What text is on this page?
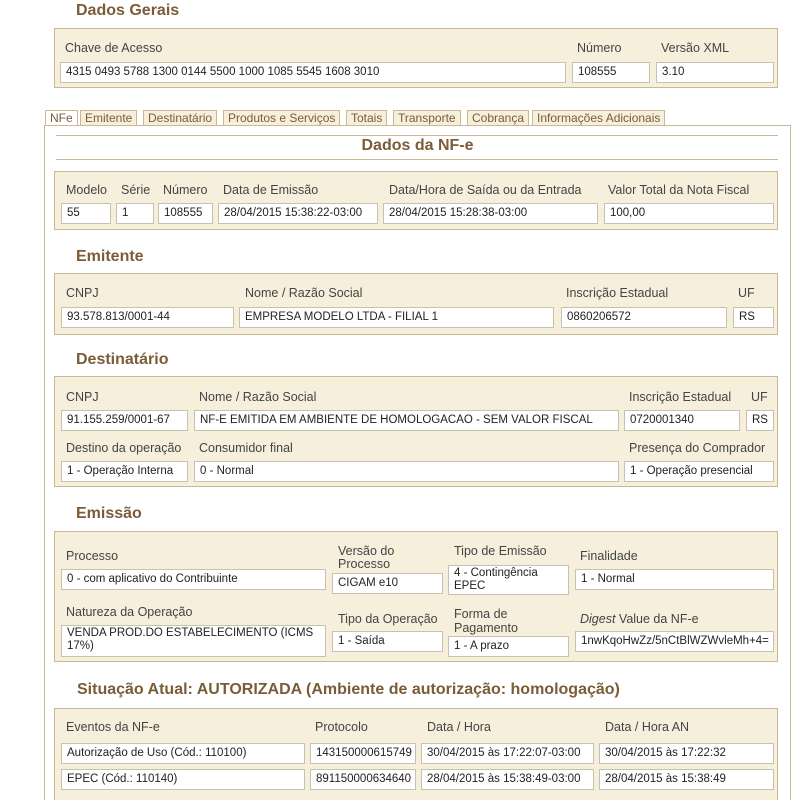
Dados Gerais
Chave de Acesso
4315 0493 5788 1300 0144 5500 1000 1085 5545 1608 3010
Número
108555
Versão XML
3.10
NFe	Emitente	Destinatário	Produtos e Serviços	Totais	Transporte	Cobrança	Informações Adicionais
Dados da NF-e
Modelo
55
Série
1
Número
108555
Data de Emissão
28/04/2015 15:38:22-03:00
Data/Hora de Saída ou da Entrada
28/04/2015 15:28:38-03:00
Valor Total da Nota Fiscal
100,00
Emitente
CNPJ
93.578.813/0001-44
Nome / Razão Social
EMPRESA MODELO LTDA - FILIAL 1
Inscrição Estadual
0860206572
UF
RS
Destinatário
CNPJ
91.155.259/0001-67
Nome / Razão Social
NF-E EMITIDA EM AMBIENTE DE HOMOLOGACAO - SEM VALOR FISCAL
Inscrição Estadual
0720001340
UF
RS
Destino da operação
1 - Operação Interna
Consumidor final
0 - Normal
Presença do Comprador
1 - Operação presencial
Emissão
Processo
0 - com aplicativo do Contribuinte
Versão do Processo
CIGAM e10
Tipo de Emissão
4 - Contingência EPEC
Finalidade
1 - Normal
Natureza da Operação
VENDA PROD.DO ESTABELECIMENTO (ICMS 17%)
Tipo da Operação
1 - Saída
Forma de Pagamento
1 - A prazo
Digest Value da NF-e
1nwKqoHwZz/5nCtBlWZWvleMh+4=
Situação Atual: AUTORIZADA (Ambiente de autorização: homologação)
Eventos da NF-e	Protocolo	Data / Hora	Data / Hora AN
Autorização de Uso (Cód.: 110100)	143150000615749	30/04/2015 às 17:22:07-03:00	30/04/2015 às 17:22:32
EPEC (Cód.: 110140)	891150000634640	28/04/2015 às 15:38:49-03:00	28/04/2015 às 15:38:49
